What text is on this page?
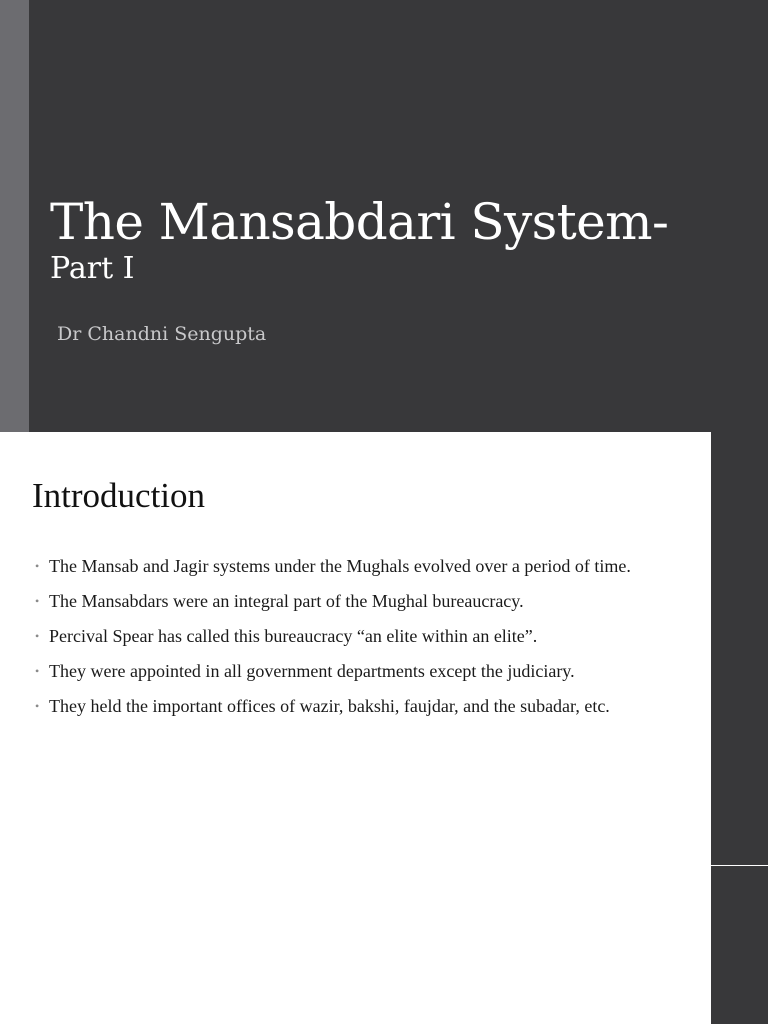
The Mansabdari System-
Part I
Dr Chandni Sengupta
Introduction
• The Mansab and Jagir systems under the Mughals evolved over a period of time.
• The Mansabdars were an integral part of the Mughal bureaucracy.
• Percival Spear has called this bureaucracy “an elite within an elite”.
• They were appointed in all government departments except the judiciary.
• They held the important offices of wazir, bakshi, faujdar, and the subadar, etc.
